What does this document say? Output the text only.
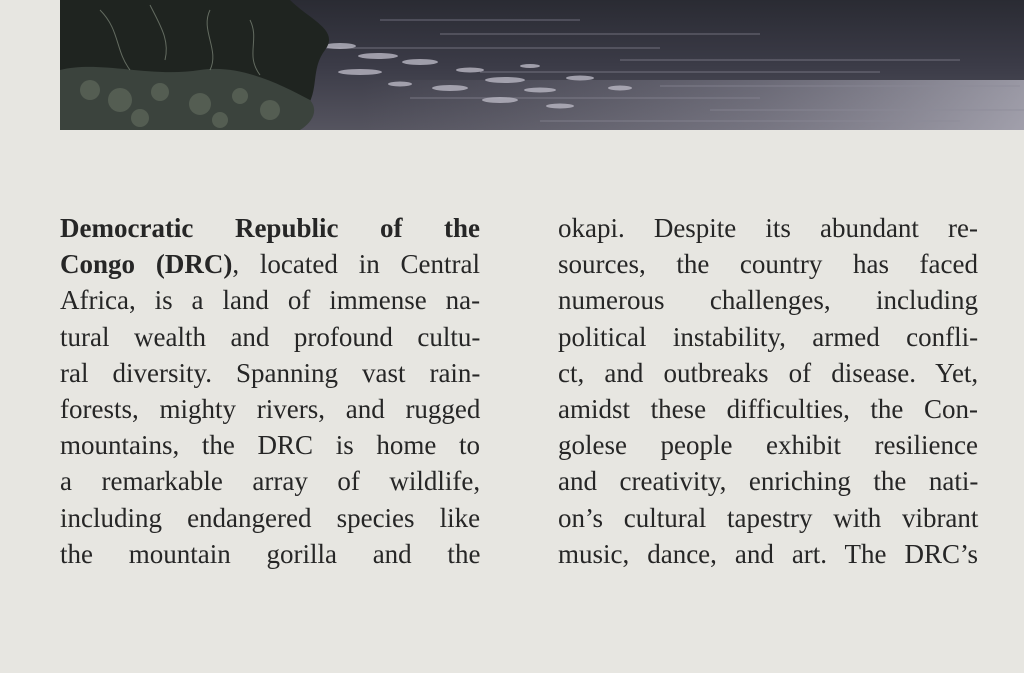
Democratic Republic of the
Congo (DRC), located in Central
Africa, is a land of immense na-
tural wealth and profound cultu-
ral diversity. Spanning vast rain-
forests, mighty rivers, and rugged
mountains, the DRC is home to
a remarkable array of wildlife,
including endangered species like
the mountain gorilla and the
okapi. Despite its abundant re-
sources, the country has faced
numerous challenges, including
political instability, armed confli-
ct, and outbreaks of disease. Yet,
amidst these difficulties, the Con-
golese people exhibit resilience
and creativity, enriching the nati-
on’s cultural tapestry with vibrant
music, dance, and art. The DRC’s
